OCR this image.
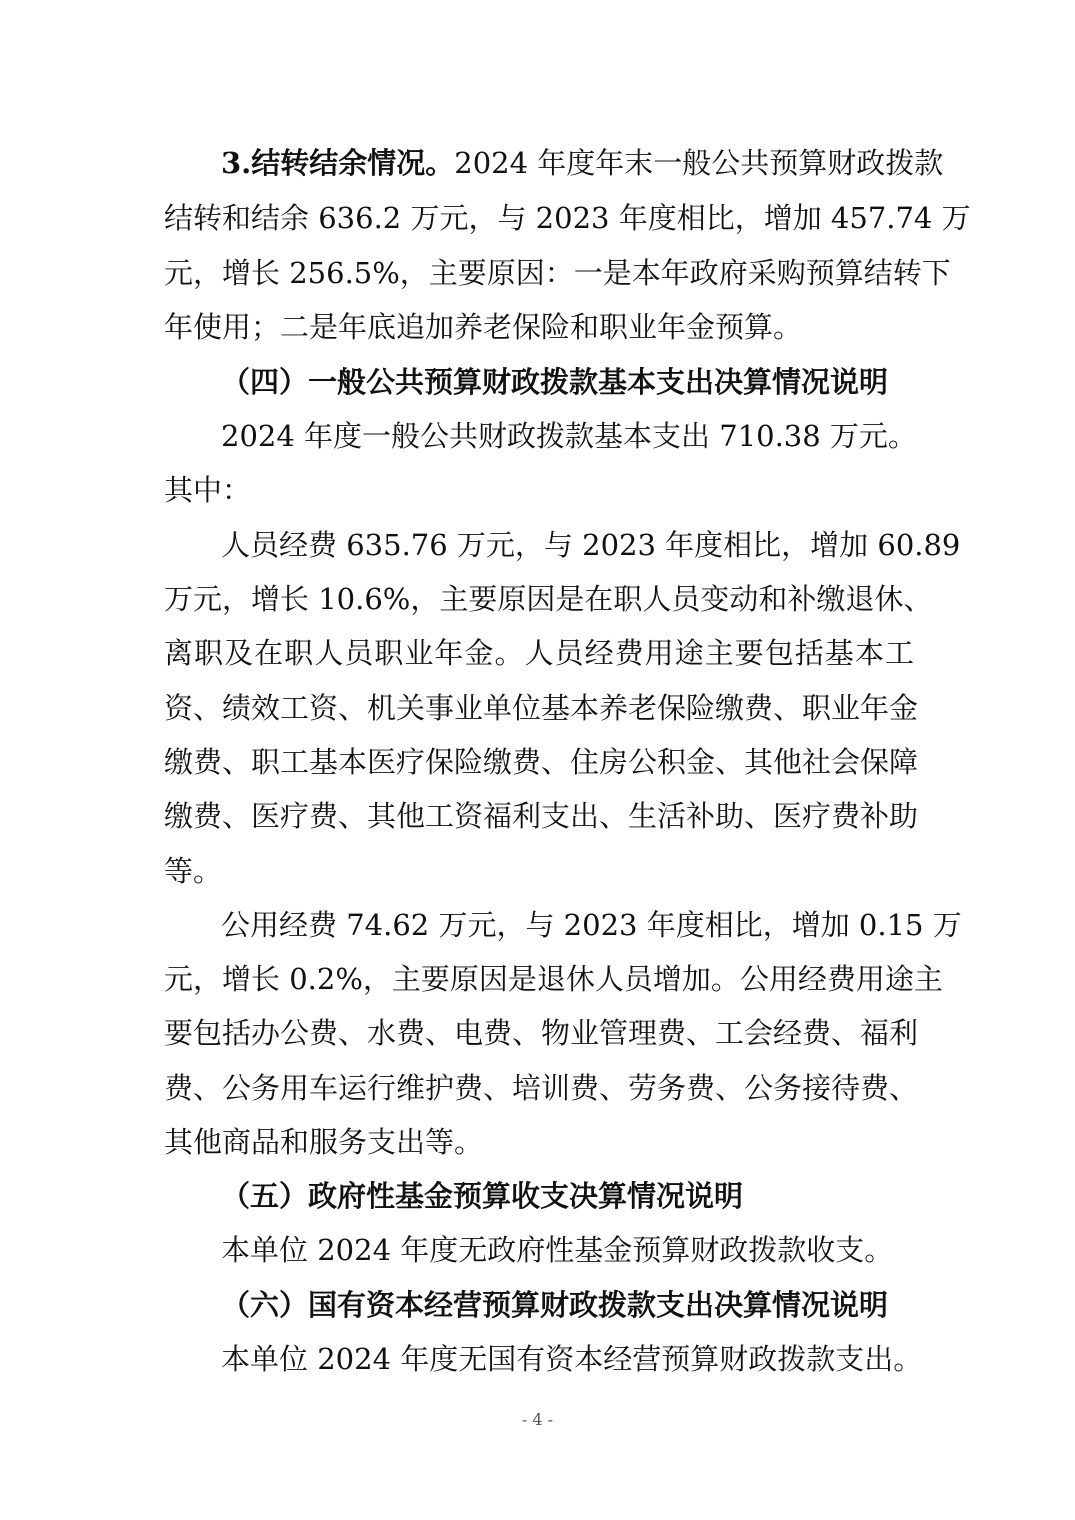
3.结转结余情况。2024 年度年末一般公共预算财政拨款
结转和结余 636.2 万元，与 2023 年度相比，增加 457.74 万
元，增长 256.5%，主要原因：一是本年政府采购预算结转下
年使用；二是年底追加养老保险和职业年金预算。
（四）一般公共预算财政拨款基本支出决算情况说明
2024 年度一般公共财政拨款基本支出 710.38 万元。
其中：
人员经费 635.76 万元，与 2023 年度相比，增加 60.89
万元，增长 10.6%，主要原因是在职人员变动和补缴退休、
离职及在职人员职业年金。人员经费用途主要包括基本工
资、绩效工资、机关事业单位基本养老保险缴费、职业年金
缴费、职工基本医疗保险缴费、住房公积金、其他社会保障
缴费、医疗费、其他工资福利支出、生活补助、医疗费补助
等。
公用经费 74.62 万元，与 2023 年度相比，增加 0.15 万
元，增长 0.2%，主要原因是退休人员增加。公用经费用途主
要包括办公费、水费、电费、物业管理费、工会经费、福利
费、公务用车运行维护费、培训费、劳务费、公务接待费、
其他商品和服务支出等。
（五）政府性基金预算收支决算情况说明
本单位 2024 年度无政府性基金预算财政拨款收支。
（六）国有资本经营预算财政拨款支出决算情况说明
本单位 2024 年度无国有资本经营预算财政拨款支出。
- 4 -
